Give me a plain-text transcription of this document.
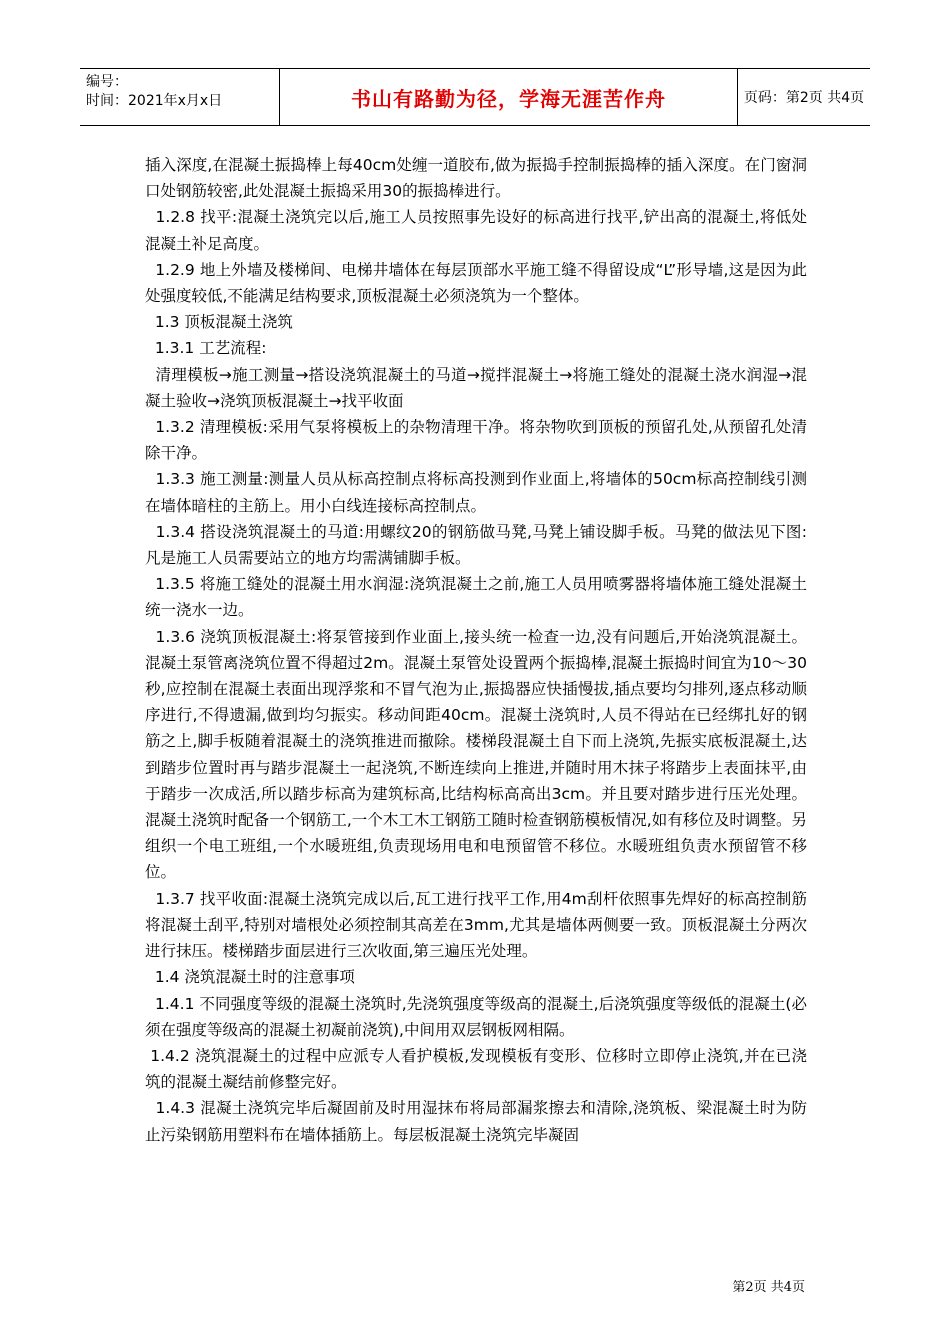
编号：
时间：2021年x月x日	书山有路勤为径，学海无涯苦作舟	页码：第2页 共4页

插入深度,在混凝土振捣棒上每40cm处缠一道胶布,做为振捣手控制振捣棒的插入深度。在门窗洞口处钢筋较密,此处混凝土振捣采用30的振捣棒进行。

1.2.8 找平:混凝土浇筑完以后,施工人员按照事先设好的标高进行找平,铲出高的混凝土,将低处混凝土补足高度。

1.2.9 地上外墙及楼梯间、电梯井墙体在每层顶部水平施工缝不得留设成“L”形导墙,这是因为此处强度较低,不能满足结构要求,顶板混凝土必须浇筑为一个整体。

1.3 顶板混凝土浇筑

1.3.1 工艺流程:

清理模板→施工测量→搭设浇筑混凝土的马道→搅拌混凝土→将施工缝处的混凝土浇水润湿→混凝土验收→浇筑顶板混凝土→找平收面

1.3.2 清理模板:采用气泵将模板上的杂物清理干净。将杂物吹到顶板的预留孔处,从预留孔处清除干净。

1.3.3 施工测量:测量人员从标高控制点将标高投测到作业面上,将墙体的50cm标高控制线引测在墙体暗柱的主筋上。用小白线连接标高控制点。

1.3.4 搭设浇筑混凝土的马道:用螺纹20的钢筋做马凳,马凳上铺设脚手板。马凳的做法见下图:凡是施工人员需要站立的地方均需满铺脚手板。

1.3.5 将施工缝处的混凝土用水润湿:浇筑混凝土之前,施工人员用喷雾器将墙体施工缝处混凝土统一浇水一边。

1.3.6 浇筑顶板混凝土:将泵管接到作业面上,接头统一检查一边,没有问题后,开始浇筑混凝土。混凝土泵管离浇筑位置不得超过2m。混凝土泵管处设置两个振捣棒,混凝土振捣时间宜为10～30秒,应控制在混凝土表面出现浮浆和不冒气泡为止,振捣器应快插慢拔,插点要均匀排列,逐点移动顺序进行,不得遗漏,做到均匀振实。移动间距40cm。混凝土浇筑时,人员不得站在已经绑扎好的钢筋之上,脚手板随着混凝土的浇筑推进而撤除。楼梯段混凝土自下而上浇筑,先振实底板混凝土,达到踏步位置时再与踏步混凝土一起浇筑,不断连续向上推进,并随时用木抹子将踏步上表面抹平,由于踏步一次成活,所以踏步标高为建筑标高,比结构标高高出3cm。并且要对踏步进行压光处理。混凝土浇筑时配备一个钢筋工,一个木工木工钢筋工随时检查钢筋模板情况,如有移位及时调整。另组织一个电工班组,一个水暖班组,负责现场用电和电预留管不移位。水暖班组负责水预留管不移位。

1.3.7 找平收面:混凝土浇筑完成以后,瓦工进行找平工作,用4m刮杆依照事先焊好的标高控制筋将混凝土刮平,特别对墙根处必须控制其高差在3mm,尤其是墙体两侧要一致。顶板混凝土分两次进行抹压。楼梯踏步面层进行三次收面,第三遍压光处理。

1.4 浇筑混凝土时的注意事项

1.4.1 不同强度等级的混凝土浇筑时,先浇筑强度等级高的混凝土,后浇筑强度等级低的混凝土(必须在强度等级高的混凝土初凝前浇筑),中间用双层钢板网相隔。

1.4.2 浇筑混凝土的过程中应派专人看护模板,发现模板有变形、位移时立即停止浇筑,并在已浇筑的混凝土凝结前修整完好。

1.4.3 混凝土浇筑完毕后凝固前及时用湿抹布将局部漏浆擦去和清除,浇筑板、梁混凝土时为防止污染钢筋用塑料布在墙体插筋上。每层板混凝土浇筑完毕凝固

第2页 共4页
